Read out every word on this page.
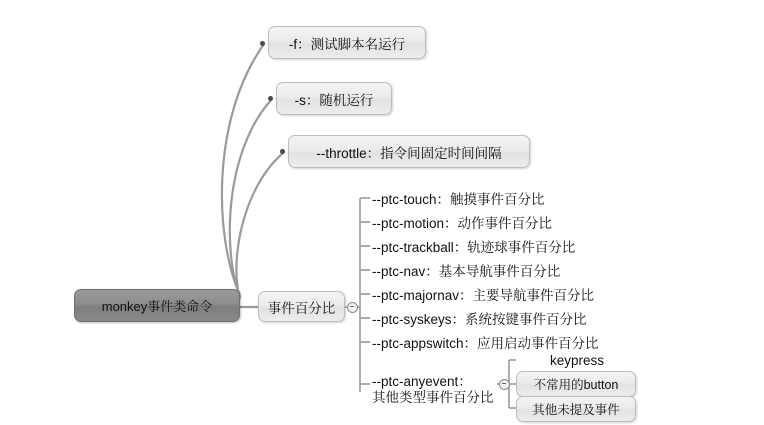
monkey事件类命令
-f：测试脚本名运行
-s：随机运行
--throttle：指令间固定时间间隔
事件百分比
--ptc-touch：触摸事件百分比
--ptc-motion：动作事件百分比
--ptc-trackball：轨迹球事件百分比
--ptc-nav：基本导航事件百分比
--ptc-majornav：主要导航事件百分比
--ptc-syskeys：系统按键事件百分比
--ptc-appswitch：应用启动事件百分比
--ptc-anyevent：
其他类型事件百分比
keypress
不常用的button
其他未提及事件
